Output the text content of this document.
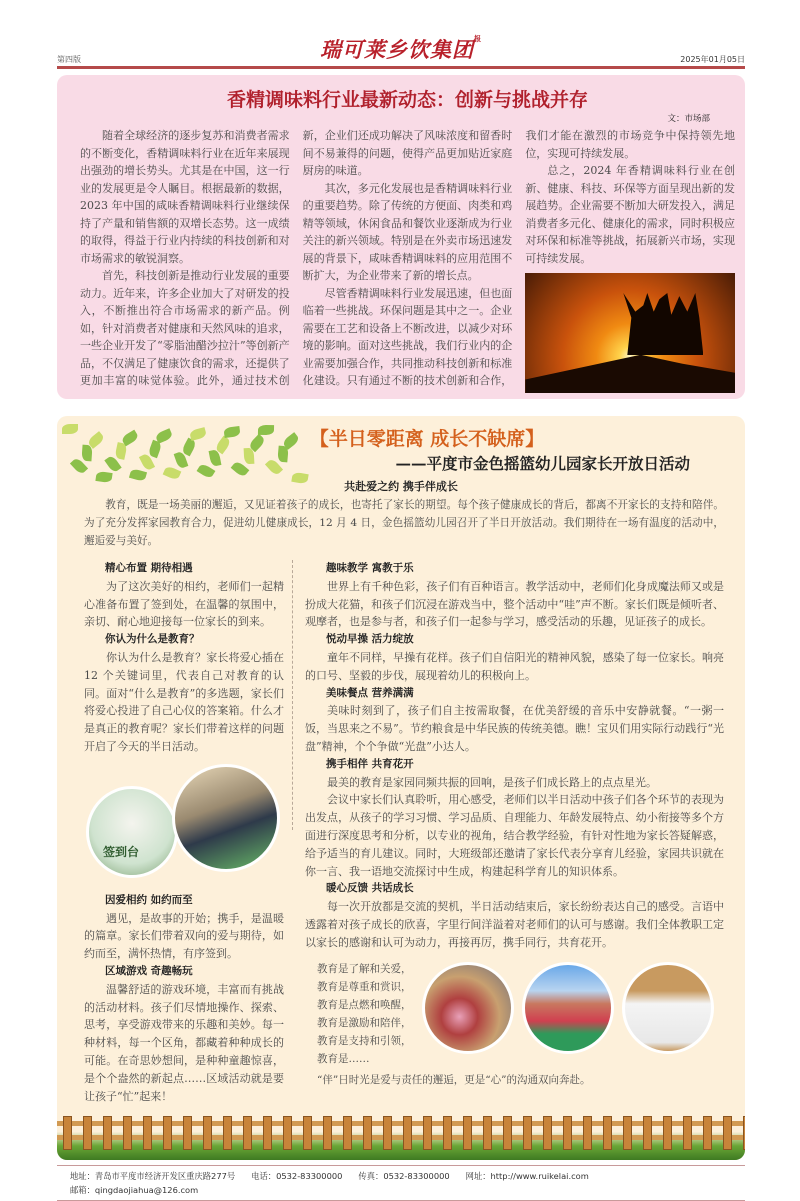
第四版	瑞可莱乡饮集团$^报$
2025年01月05日
香精调味料行业最新动态：创新与挑战并存
文：市场部

随着全球经济的逐步复苏和消费者需求的不断变化，香精调味料行业在近年来展现出强劲的增长势头。尤其是在中国，这一行业的发展更是令人瞩目。根据最新的数据，2023 年中国的咸味香精调味料行业继续保持了产量和销售额的双增长态势。这一成绩的取得，得益于行业内持续的科技创新和对市场需求的敏锐洞察。

首先，科技创新是推动行业发展的重要动力。近年来，许多企业加大了对研发的投入，不断推出符合市场需求的新产品。例如，针对消费者对健康和天然风味的追求，一些企业开发了“零脂油醋沙拉汁”等创新产品，不仅满足了健康饮食的需求，还提供了更加丰富的味觉体验。此外，通过技术创新，企业们还成功解决了风味浓度和留香时间不易兼得的问题，使得产品更加贴近家庭厨房的味道。

其次，多元化发展也是香精调味料行业的重要趋势。除了传统的方便面、肉类和鸡精等领域，休闲食品和餐饮业逐渐成为行业关注的新兴领域。特别是在外卖市场迅速发展的背景下，咸味香精调味料的应用范围不断扩大，为企业带来了新的增长点。

尽管香精调味料行业发展迅速，但也面临着一些挑战。环保问题是其中之一。企业需要在工艺和设备上不断改进，以减少对环境的影响。面对这些挑战，我们行业内的企业需要加强合作，共同推动科技创新和标准化建设。只有通过不断的技术创新和合作，我们才能在激烈的市场竞争中保持领先地位，实现可持续发展。

总之，2024 年香精调味料行业在创新、健康、科技、环保等方面呈现出新的发展趋势。企业需要不断加大研发投入，满足消费者多元化、健康化的需求，同时积极应对环保和标准等挑战，拓展新兴市场，实现可持续发展。

【半日零距离 成长不缺席】
——平度市金色摇篮幼儿园家长开放日活动
共赴爱之约 携手伴成长
教育，既是一场美丽的邂逅，又见证着孩子的成长，也寄托了家长的期望。每个孩子健康成长的背后，都离不开家长的支持和陪伴。为了充分发挥家园教育合力，促进幼儿健康成长，12 月 4 日，金色摇篮幼儿园召开了半日开放活动。我们期待在一场有温度的活动中，邂逅爱与美好。
精心布置 期待相遇

为了这次美好的相约，老师们一起精心准备布置了签到处，在温馨的氛围中，亲切、耐心地迎接每一位家长的到来。

你认为什么是教育？

你认为什么是教育？家长将爱心插在 12 个关键词里，代表自己对教育的认同。面对“什么是教育”的多选题，家长们将爱心投进了自己心仪的答案箱。什么才是真正的教育呢？家长们带着这样的问题开启了今天的半日活动。

签到台
因爱相约 如约而至

遇见，是故事的开始；携手，是温暖的篇章。家长们带着双向的爱与期待，如约而至，满怀热情，有序签到。

区域游戏 奇趣畅玩

温馨舒适的游戏环境，丰富而有挑战的活动材料。孩子们尽情地操作、探索、思考，享受游戏带来的乐趣和美妙。每一种材料，每一个区角，都藏着种种成长的可能。在奇思妙想间，是种种童趣惊喜，是个个盎然的新起点……区域活动就是要让孩子“忙”起来！

趣味教学 寓教于乐

世界上有千种色彩，孩子们有百种语言。教学活动中，老师们化身成魔法师又或是扮成大花猫，和孩子们沉浸在游戏当中，整个活动中“哇”声不断。家长们既是倾听者、观摩者，也是参与者，和孩子们一起参与学习，感受活动的乐趣，见证孩子的成长。

悦动早操 活力绽放

童年不同样，早操有花样。孩子们自信阳光的精神风貌，感染了每一位家长。响亮的口号、坚毅的步伐，展现着幼儿的积极向上。

美味餐点 营养满满

美味时刻到了，孩子们自主按需取餐，在优美舒缓的音乐中安静就餐。“一粥一饭，当思来之不易”。节约粮食是中华民族的传统美德。瞧！宝贝们用实际行动践行“光盘”精神，个个争做“光盘”小达人。

携手相伴 共育花开

最美的教育是家园同频共振的回响，是孩子们成长路上的点点星光。

会议中家长们认真聆听，用心感受，老师们以半日活动中孩子们各个环节的表现为出发点，从孩子的学习习惯、学习品质、自理能力、年龄发展特点、幼小衔接等多个方面进行深度思考和分析，以专业的视角，结合教学经验，有针对性地为家长答疑解惑，给予适当的育儿建议。同时，大班级部还邀请了家长代表分享育儿经验，家园共识就在你一言、我一语地交流探讨中生成，构建起科学育儿的知识体系。

暖心反馈 共话成长

每一次开放都是交流的契机，半日活动结束后，家长纷纷表达自己的感受。言语中透露着对孩子成长的欣喜，字里行间洋溢着对老师们的认可与感谢。我们全体教职工定以家长的感谢和认可为动力，再接再厉，携手同行，共育花开。

教育是了解和关爱，
教育是尊重和赏识，
教育是点燃和唤醒，
教育是激励和陪伴，
教育是支持和引领，
教育是……
“伴”日时光是爱与责任的邂逅，更是“心”的沟通双向奔赴。
地址：青岛市平度市经济开发区重庆路277号 电话：0532-83300000 传真：0532-83300000 网址：http://www.ruikelai.com
邮箱：qingdaojiahua@126.com
